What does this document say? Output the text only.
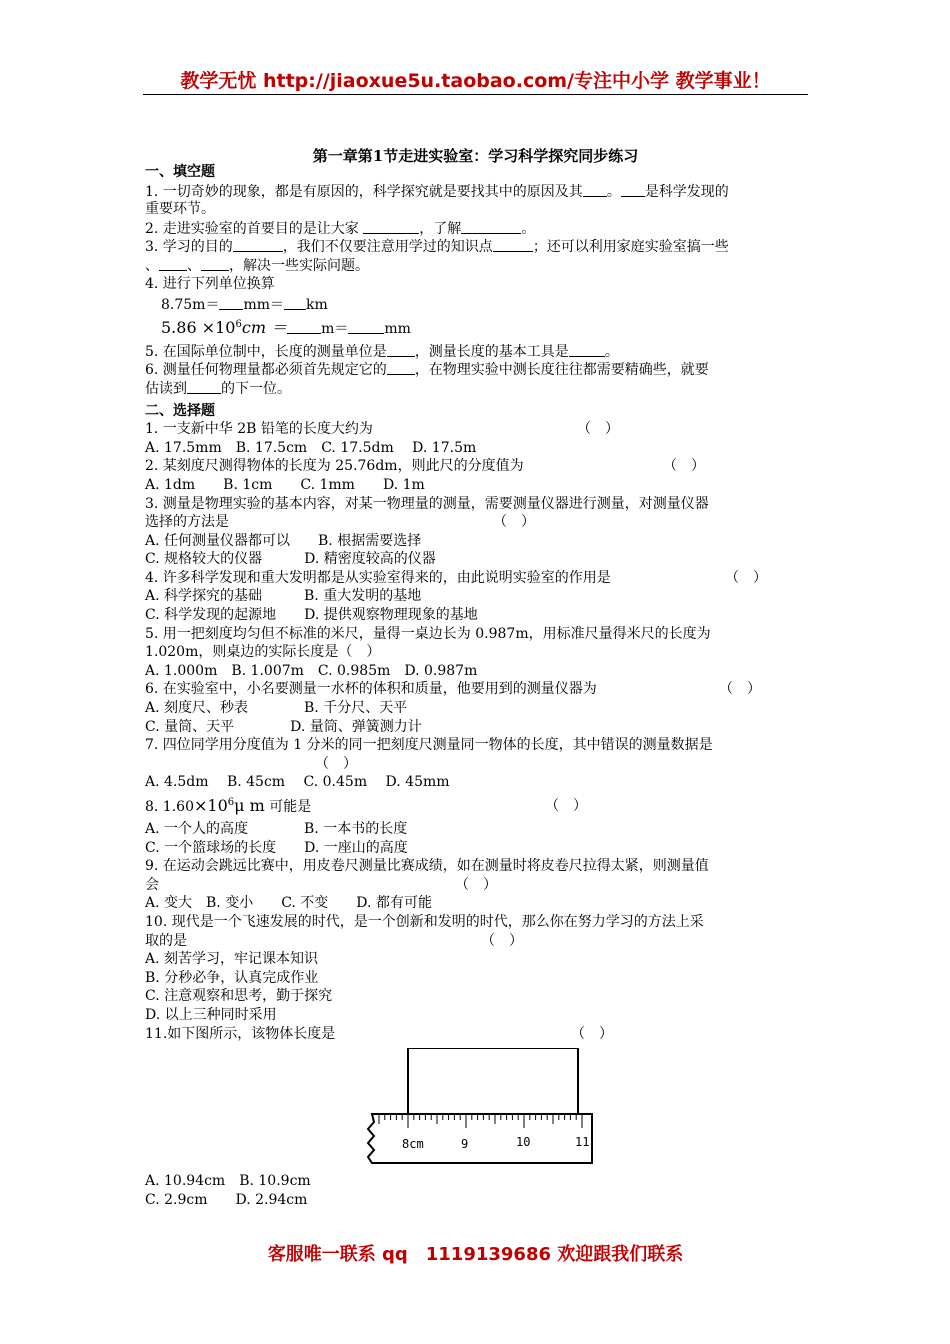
教学无忧 http://jiaoxue5u.taobao.com/专注中小学 教学事业！
第一章第1节走进实验室：学习科学探究同步练习
一、填空题
1. 一切奇妙的现象，都是有原因的，科学探究就是要找其中的原因及其 。 是科学发现的
重要环节。
2. 走进实验室的首要目的是让大家	，了解	。
3. 学习的目的	，我们不仅要注意用学过的知识点	；还可以利用家庭实验室搞一些
、 、 ，解决一些实际问题。
4. 进行下列单位换算
8.75m＝ mm＝ km
$5.86 \times 10^6cm = m=$	mm
5. 在国际单位制中，长度的测量单位是 ，测量长度的基本工具是	。
6. 测量任何物理量都必须首先规定它的 ，在物理实验中测长度往往都需要精确些，就要
估读到 的下一位。
二、选择题
1. 一支新中华 2B 铅笔的长度大约为	（　）
A. 17.5mm　B. 17.5cm　C. 17.5dm　 D. 17.5m
2. 某刻度尺测得物体的长度为 25.76dm，则此尺的分度值为	（　）
A. 1dm　　B. 1cm　　C. 1mm　　D. 1m
3. 测量是物理实验的基本内容，对某一物理量的测量，需要测量仪器进行测量，对测量仪器
选择的方法是	（　）
A. 任何测量仪器都可以　　B. 根据需要选择
C. 规格较大的仪器　　　D. 精密度较高的仪器
4. 许多科学发现和重大发明都是从实验室得来的，由此说明实验室的作用是	（　）
A. 科学探究的基础　　　B. 重大发明的基地
C. 科学发现的起源地　　D. 提供观察物理现象的基地
5. 用一把刻度均匀但不标准的米尺，量得一桌边长为 0.987m，用标准尺量得米尺的长度为
1.020m，则桌边的实际长度是（　）
A. 1.000m　B. 1.007m　C. 0.985m　D. 0.987m
6. 在实验室中，小名要测量一水杯的体积和质量，他要用到的测量仪器为	（　）
A. 刻度尺、秒表　　　　B. 千分尺、天平
C. 量筒、天平　　　　D. 量筒、弹簧测力计
7. 四位同学用分度值为 1 分米的同一把刻度尺测量同一物体的长度，其中错误的测量数据是
（　）
A. 4.5dm　 B. 45cm　 C. 0.45m　 D. 45mm
8. $1.60\times 10^6\mu$ m 可能是	（　）
A. 一个人的高度　　　　B. 一本书的长度
C. 一个篮球场的长度　　D. 一座山的高度
9. 在运动会跳远比赛中，用皮卷尺测量比赛成绩，如在测量时将皮卷尺拉得太紧，则测量值
会	（　）
A. 变大　B. 变小　　C. 不变　　D. 都有可能
10. 现代是一个飞速发展的时代，是一个创新和发明的时代，那么你在努力学习的方法上采
取的是	（　）
A. 刻苦学习，牢记课本知识
B. 分秒必争，认真完成作业
C. 注意观察和思考，勤于探究
D. 以上三种同时采用
11.如下图所示，该物体长度是	（　）
8cm	9	10	11
A. 10.94cm　B. 10.9cm
C. 2.9cm　　D. 2.94cm
客服唯一联系 qq　1119139686 欢迎跟我们联系
